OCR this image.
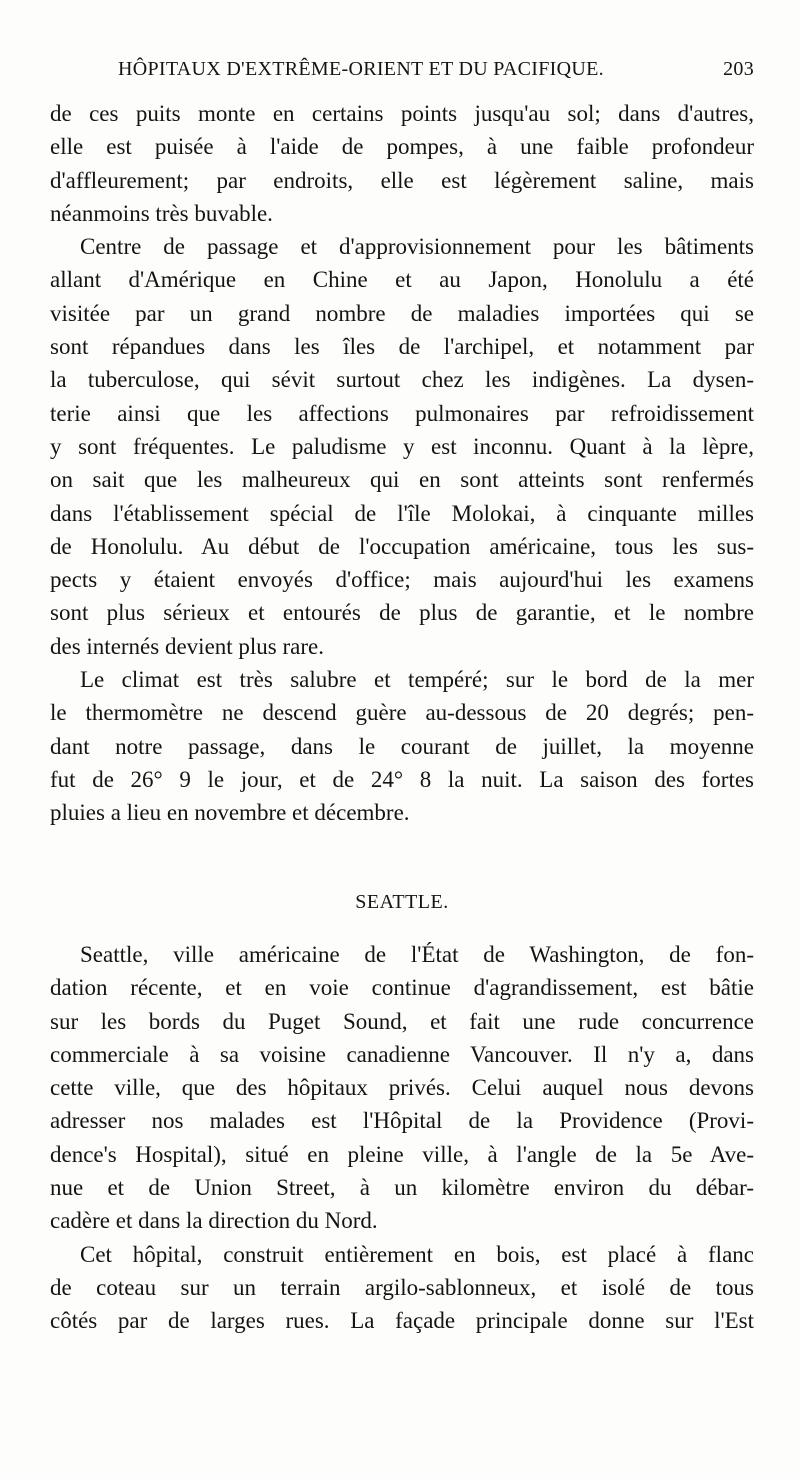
HÔPITAUX D'EXTRÊME-ORIENT ET DU PACIFIQUE.	203
de ces puits monte en certains points jusqu'au sol; dans d'autres,
elle est puisée à l'aide de pompes, à une faible profondeur
d'affleurement; par endroits, elle est légèrement saline, mais
néanmoins très buvable.
Centre de passage et d'approvisionnement pour les bâtiments
allant d'Amérique en Chine et au Japon, Honolulu a été
visitée par un grand nombre de maladies importées qui se
sont répandues dans les îles de l'archipel, et notamment par
la tuberculose, qui sévit surtout chez les indigènes. La dysen-
terie ainsi que les affections pulmonaires par refroidissement
y sont fréquentes. Le paludisme y est inconnu. Quant à la lèpre,
on sait que les malheureux qui en sont atteints sont renfermés
dans l'établissement spécial de l'île Molokai, à cinquante milles
de Honolulu. Au début de l'occupation américaine, tous les sus-
pects y étaient envoyés d'office; mais aujourd'hui les examens
sont plus sérieux et entourés de plus de garantie, et le nombre
des internés devient plus rare.
Le climat est très salubre et tempéré; sur le bord de la mer
le thermomètre ne descend guère au-dessous de 20 degrés; pen-
dant notre passage, dans le courant de juillet, la moyenne
fut de 26° 9 le jour, et de 24° 8 la nuit. La saison des fortes
pluies a lieu en novembre et décembre.
SEATTLE.
Seattle, ville américaine de l'État de Washington, de fon-
dation récente, et en voie continue d'agrandissement, est bâtie
sur les bords du Puget Sound, et fait une rude concurrence
commerciale à sa voisine canadienne Vancouver. Il n'y a, dans
cette ville, que des hôpitaux privés. Celui auquel nous devons
adresser nos malades est l'Hôpital de la Providence (Provi-
dence's Hospital), situé en pleine ville, à l'angle de la 5e Ave-
nue et de Union Street, à un kilomètre environ du débar-
cadère et dans la direction du Nord.
Cet hôpital, construit entièrement en bois, est placé à flanc
de coteau sur un terrain argilo-sablonneux, et isolé de tous
côtés par de larges rues. La façade principale donne sur l'Est
